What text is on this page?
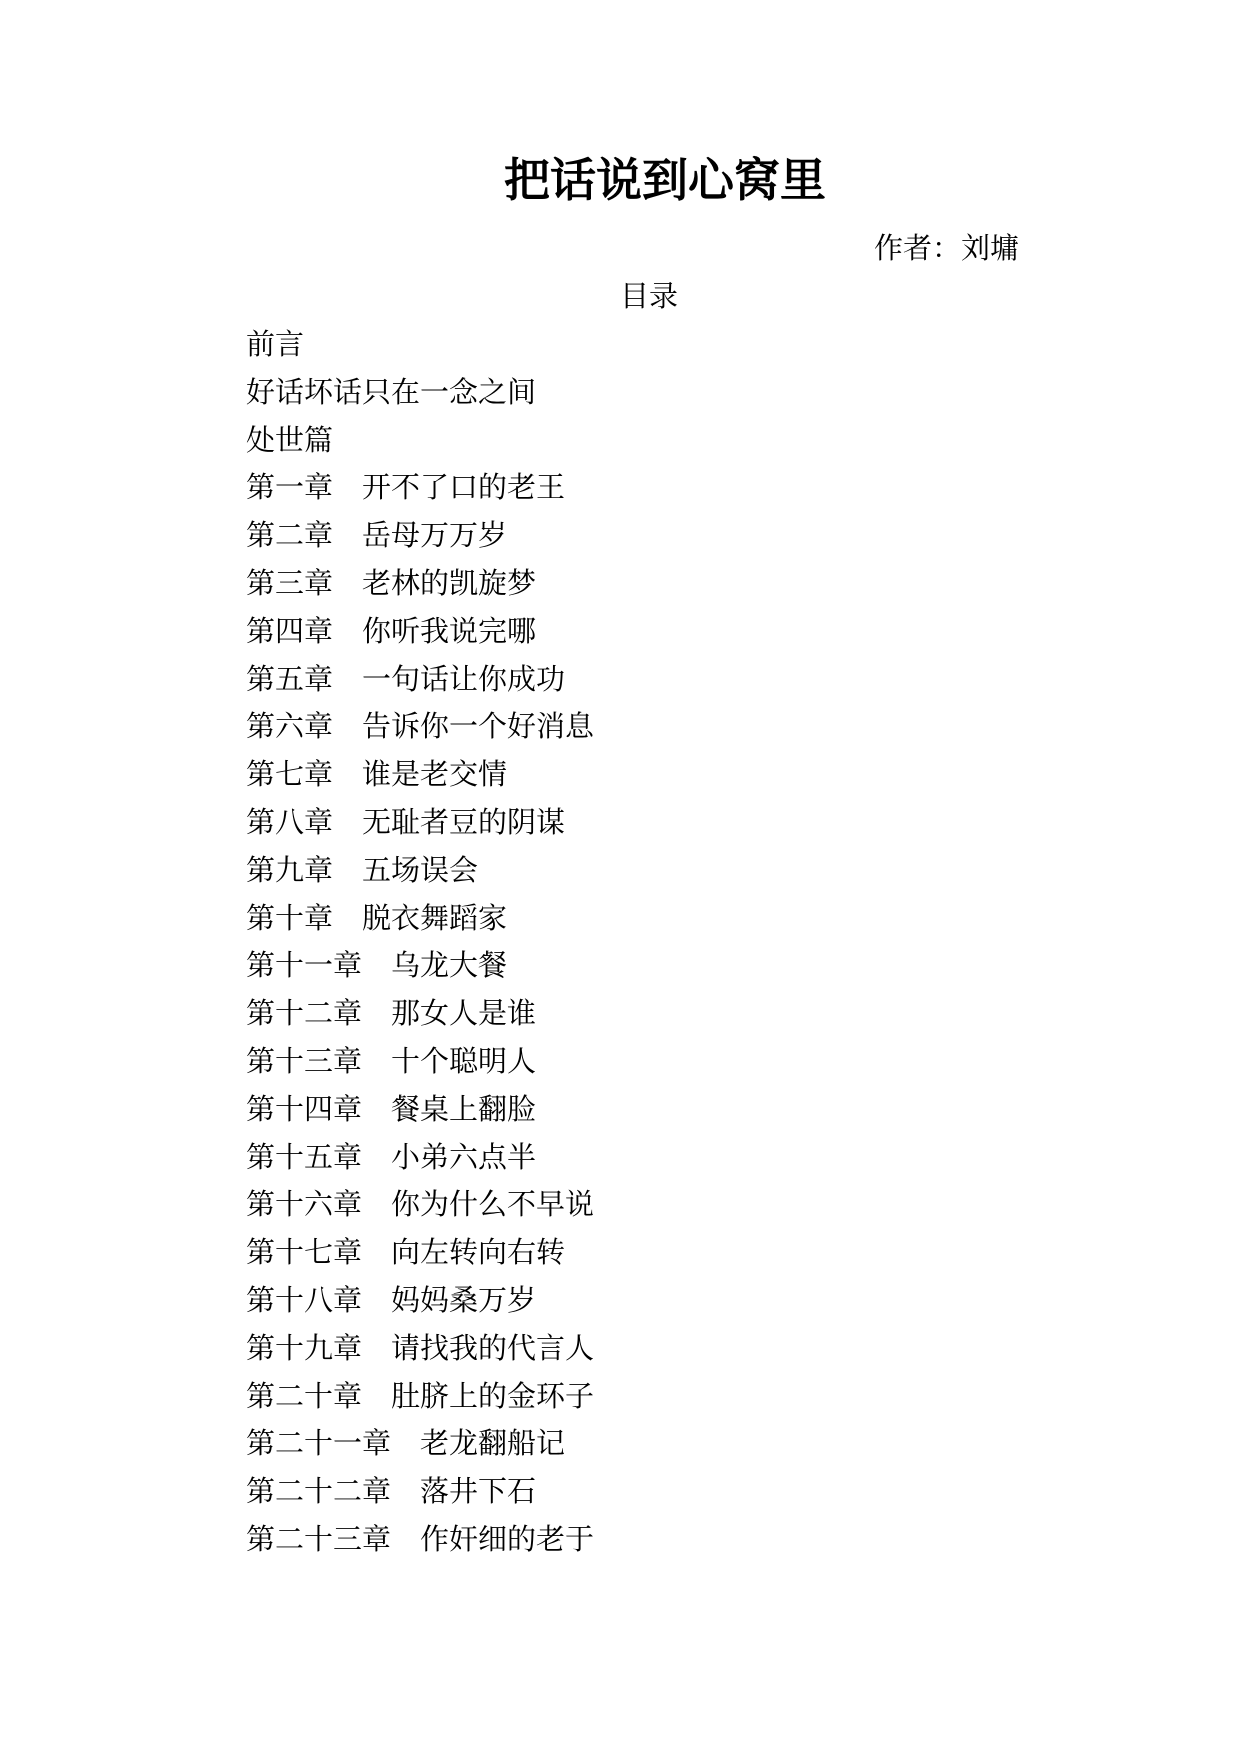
把话说到心窝里
作者：刘墉
目录
前言
好话坏话只在一念之间
处世篇
第一章　开不了口的老王
第二章　岳母万万岁
第三章　老林的凯旋梦
第四章　你听我说完哪
第五章　一句话让你成功
第六章　告诉你一个好消息
第七章　谁是老交情
第八章　无耻者豆的阴谋
第九章　五场误会
第十章　脱衣舞蹈家
第十一章　乌龙大餐
第十二章　那女人是谁
第十三章　十个聪明人
第十四章　餐桌上翻脸
第十五章　小弟六点半
第十六章　你为什么不早说
第十七章　向左转向右转
第十八章　妈妈桑万岁
第十九章　请找我的代言人
第二十章　肚脐上的金环子
第二十一章　老龙翻船记
第二十二章　落井下石
第二十三章　作奸细的老于
